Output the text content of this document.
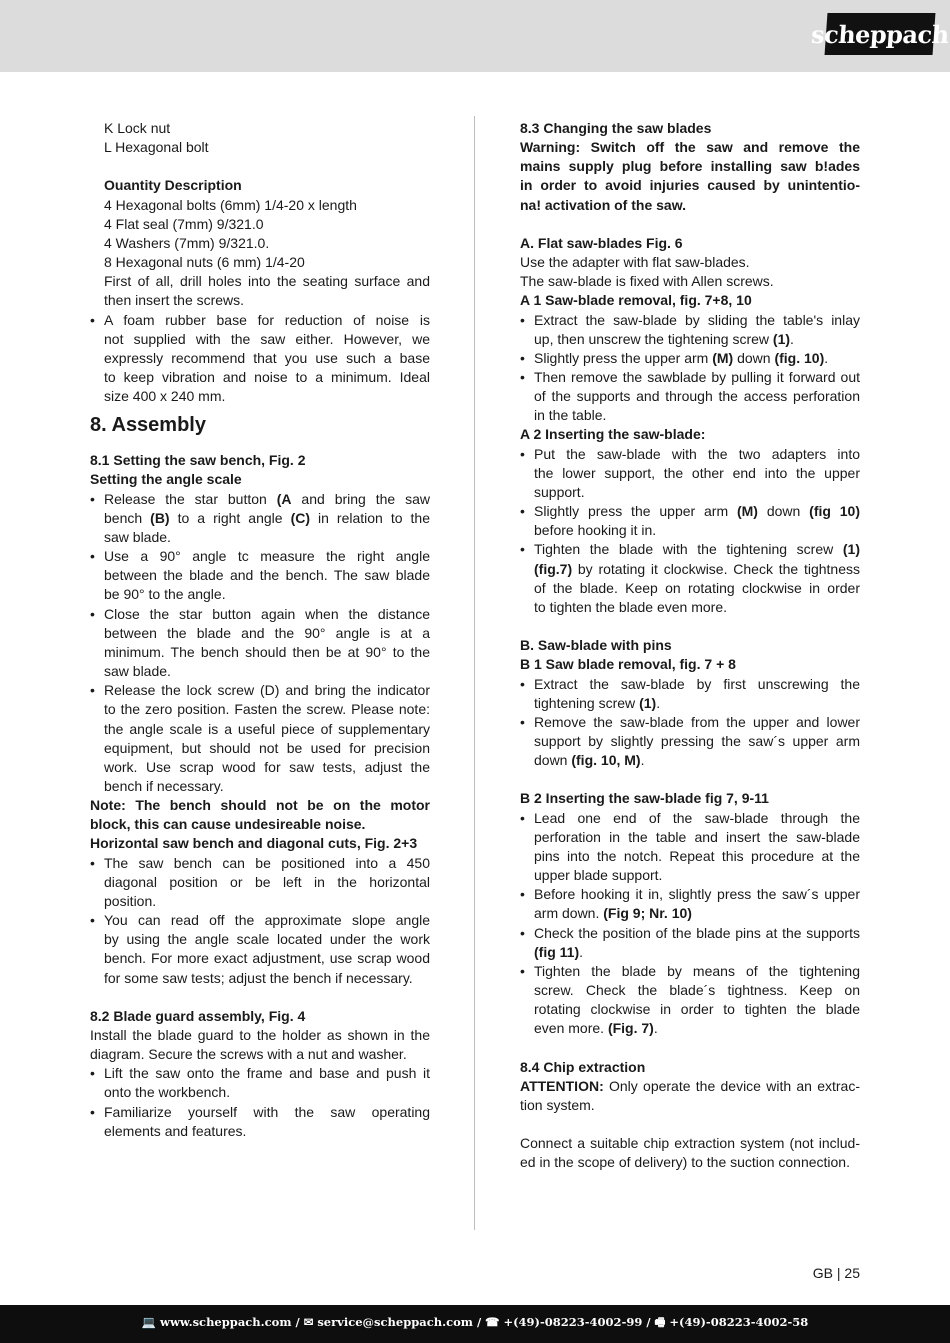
scheppach
K Lock nut
L Hexagonal bolt
Ouantity Description
4 Hexagonal bolts (6mm) 1/4-20 x length
4 Flat seal (7mm) 9/321.0
4 Washers (7mm) 9/321.0.
8 Hexagonal nuts (6 mm) 1/4-20
First of all, drill holes into the seating surface and
then insert the screws.
• A foam rubber base for reduction of noise is
not supplied with the saw either. However, we
expressly recommend that you use such a base
to keep vibration and noise to a minimum. Ideal
size 400 x 240 mm.
8. Assembly
8.1 Setting the saw bench, Fig. 2
Setting the angle scale
• Release the star button (A and bring the saw
bench (B) to a right angle (C) in relation to the
saw blade.
• Use a 90° angle tc measure the right angle
between the blade and the bench. The saw blade
be 90° to the angle.
• Close the star button again when the distance
between the blade and the 90° angle is at a
minimum. The bench should then be at 90° to the
saw blade.
• Release the lock screw (D) and bring the indicator
to the zero position. Fasten the screw. Please note:
the angle scale is a useful piece of supplementary
equipment, but should not be used for precision
work. Use scrap wood for saw tests, adjust the
bench if necessary.
Note: The bench should not be on the motor
block, this can cause undesireable noise.
Horizontal saw bench and diagonal cuts, Fig. 2+3
• The saw bench can be positioned into a 450
diagonal position or be left in the horizontal
position.
• You can read off the approximate slope angle
by using the angle scale located under the work
bench. For more exact adjustment, use scrap wood
for some saw tests; adjust the bench if necessary.
8.2 Blade guard assembly, Fig. 4
Install the blade guard to the holder as shown in the
diagram. Secure the screws with a nut and washer.
• Lift the saw onto the frame and base and push it
onto the workbench.
• Familiarize yourself with the saw operating
elements and features.
8.3 Changing the saw blades
Warning: Switch off the saw and remove the
mains supply plug before installing saw b!ades
in order to avoid injuries caused by unintentio-
na! activation of the saw.
A. Flat saw-blades Fig. 6
Use the adapter with flat saw-blades.
The saw-blade is fixed with Allen screws.
A 1 Saw-blade removal, fig. 7+8, 10
• Extract the saw-blade by sliding the table's inlay
up, then unscrew the tightening screw (1).
• Slightly press the upper arm (M) down (fig. 10).
• Then remove the sawblade by pulling it forward out
of the supports and through the access perforation
in the table.
A 2 Inserting the saw-blade:
• Put the saw-blade with the two adapters into
the lower support, the other end into the upper
support.
• Slightly press the upper arm (M) down (fig 10)
before hooking it in.
• Tighten the blade with the tightening screw (1)
(fig.7) by rotating it clockwise. Check the tightness
of the blade. Keep on rotating clockwise in order
to tighten the blade even more.
B. Saw-blade with pins
B 1 Saw blade removal, fig. 7 + 8
• Extract the saw-blade by first unscrewing the
tightening screw (1).
• Remove the saw-blade from the upper and lower
support by slightly pressing the saw´s upper arm
down (fig. 10, M).
B 2 Inserting the saw-blade fig 7, 9-11
• Lead one end of the saw-blade through the
perforation in the table and insert the saw-blade
pins into the notch. Repeat this procedure at the
upper blade support.
• Before hooking it in, slightly press the saw´s upper
arm down. (Fig 9; Nr. 10)
• Check the position of the blade pins at the supports
(fig 11).
• Tighten the blade by means of the tightening
screw. Check the blade´s tightness. Keep on
rotating clockwise in order to tighten the blade
even more. (Fig. 7).
8.4 Chip extraction
ATTENTION: Only operate the device with an extrac-
tion system.
Connect a suitable chip extraction system (not includ-
ed in the scope of delivery) to the suction connection.
GB | 25
💻 www.scheppach.com / ✉ service@scheppach.com / ☎ +(49)-08223-4002-99 / 🖷 +(49)-08223-4002-58
